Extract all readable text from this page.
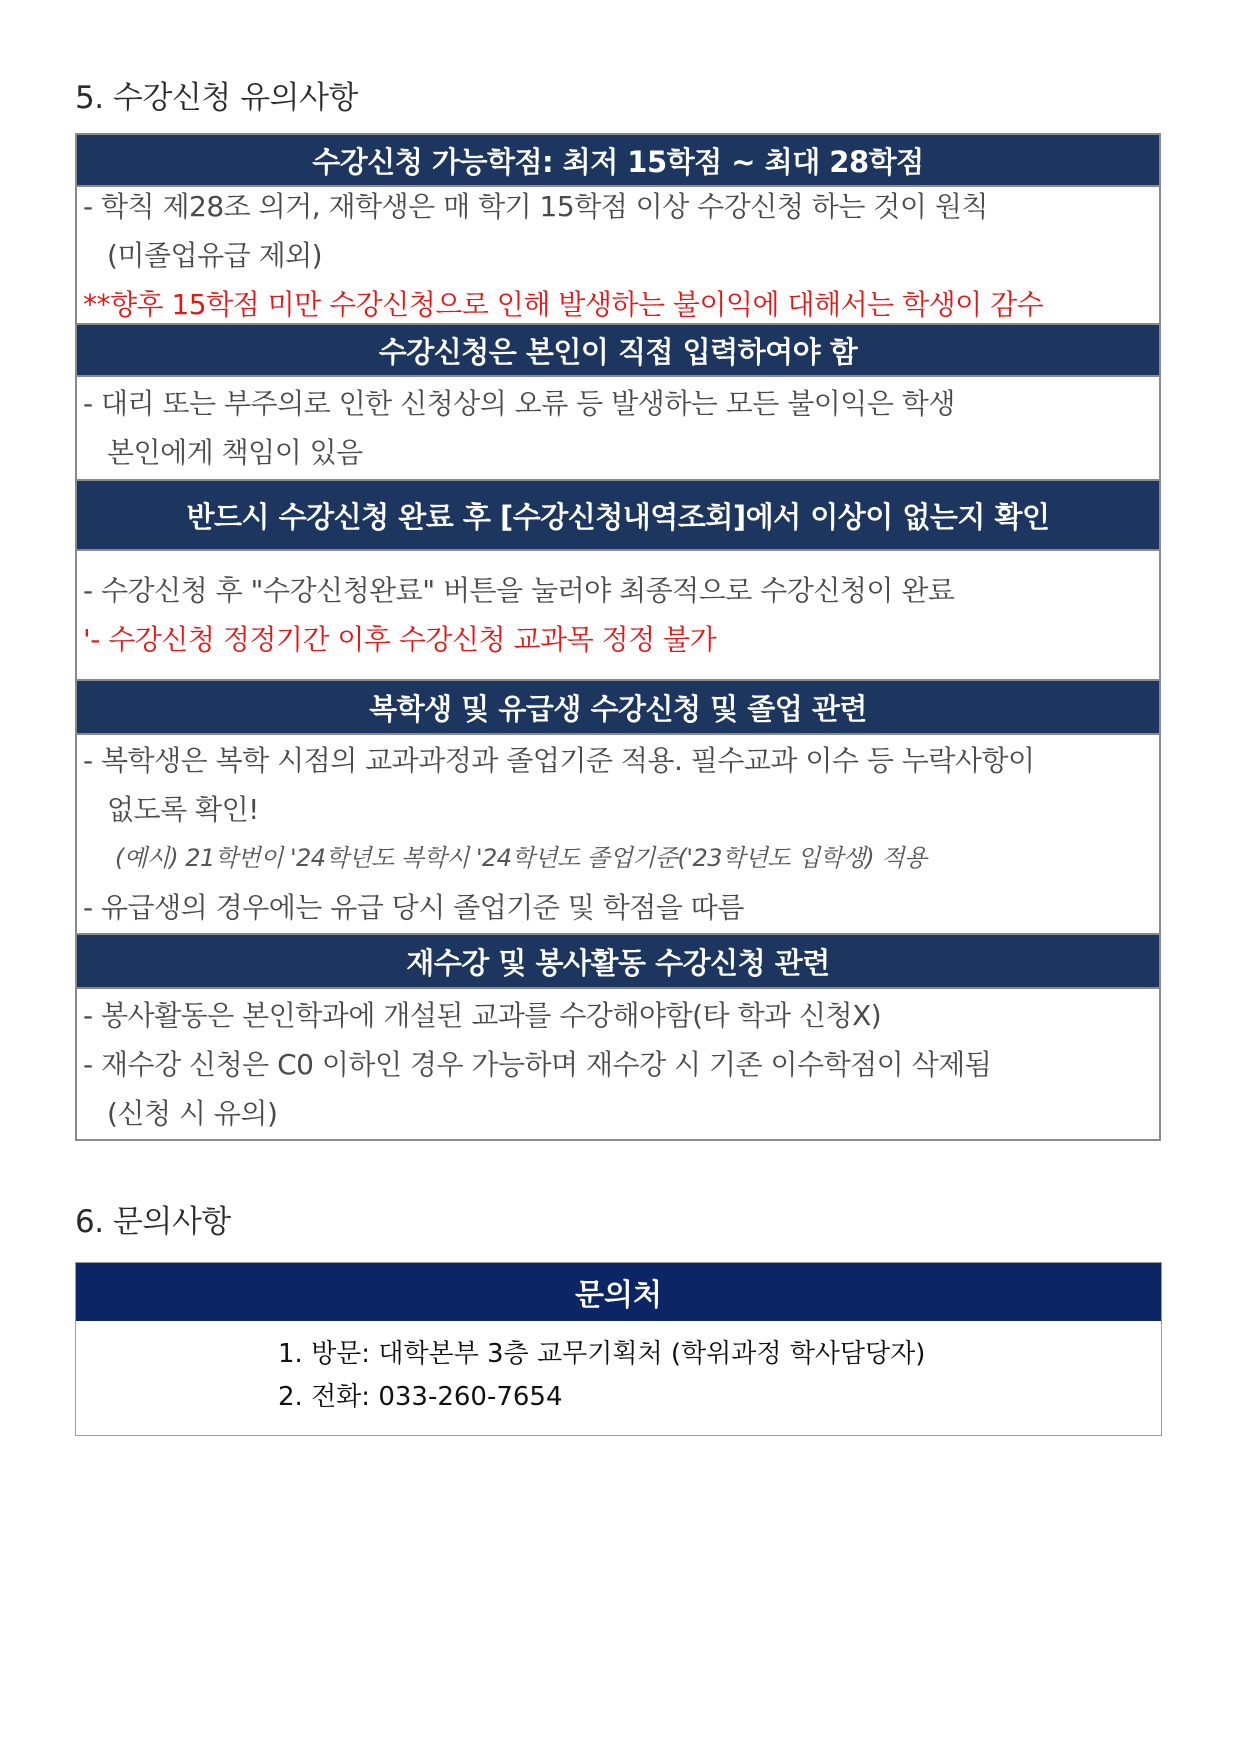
5. 수강신청 유의사항
수강신청 가능학점: 최저 15학점 ~ 최대 28학점
- 학칙 제28조 의거, 재학생은 매 학기 15학점 이상 수강신청 하는 것이 원칙
(미졸업유급 제외)
**향후 15학점 미만 수강신청으로 인해 발생하는 불이익에 대해서는 학생이 감수
수강신청은 본인이 직접 입력하여야 함
- 대리 또는 부주의로 인한 신청상의 오류 등 발생하는 모든 불이익은 학생
본인에게 책임이 있음
반드시 수강신청 완료 후 [수강신청내역조회]에서 이상이 없는지 확인
- 수강신청 후 "수강신청완료" 버튼을 눌러야 최종적으로 수강신청이 완료
'- 수강신청 정정기간 이후 수강신청 교과목 정정 불가
복학생 및 유급생 수강신청 및 졸업 관련
- 복학생은 복학 시점의 교과과정과 졸업기준 적용. 필수교과 이수 등 누락사항이
없도록 확인!
(예시) 21학번이 '24학년도 복학시 '24학년도 졸업기준('23학년도 입학생) 적용
- 유급생의 경우에는 유급 당시 졸업기준 및 학점을 따름
재수강 및 봉사활동 수강신청 관련
- 봉사활동은 본인학과에 개설된 교과를 수강해야함(타 학과 신청X)
- 재수강 신청은 C0 이하인 경우 가능하며 재수강 시 기존 이수학점이 삭제됨
(신청 시 유의)
6. 문의사항
문의처
1. 방문: 대학본부 3층 교무기획처 (학위과정 학사담당자)
2. 전화: 033-260-7654
